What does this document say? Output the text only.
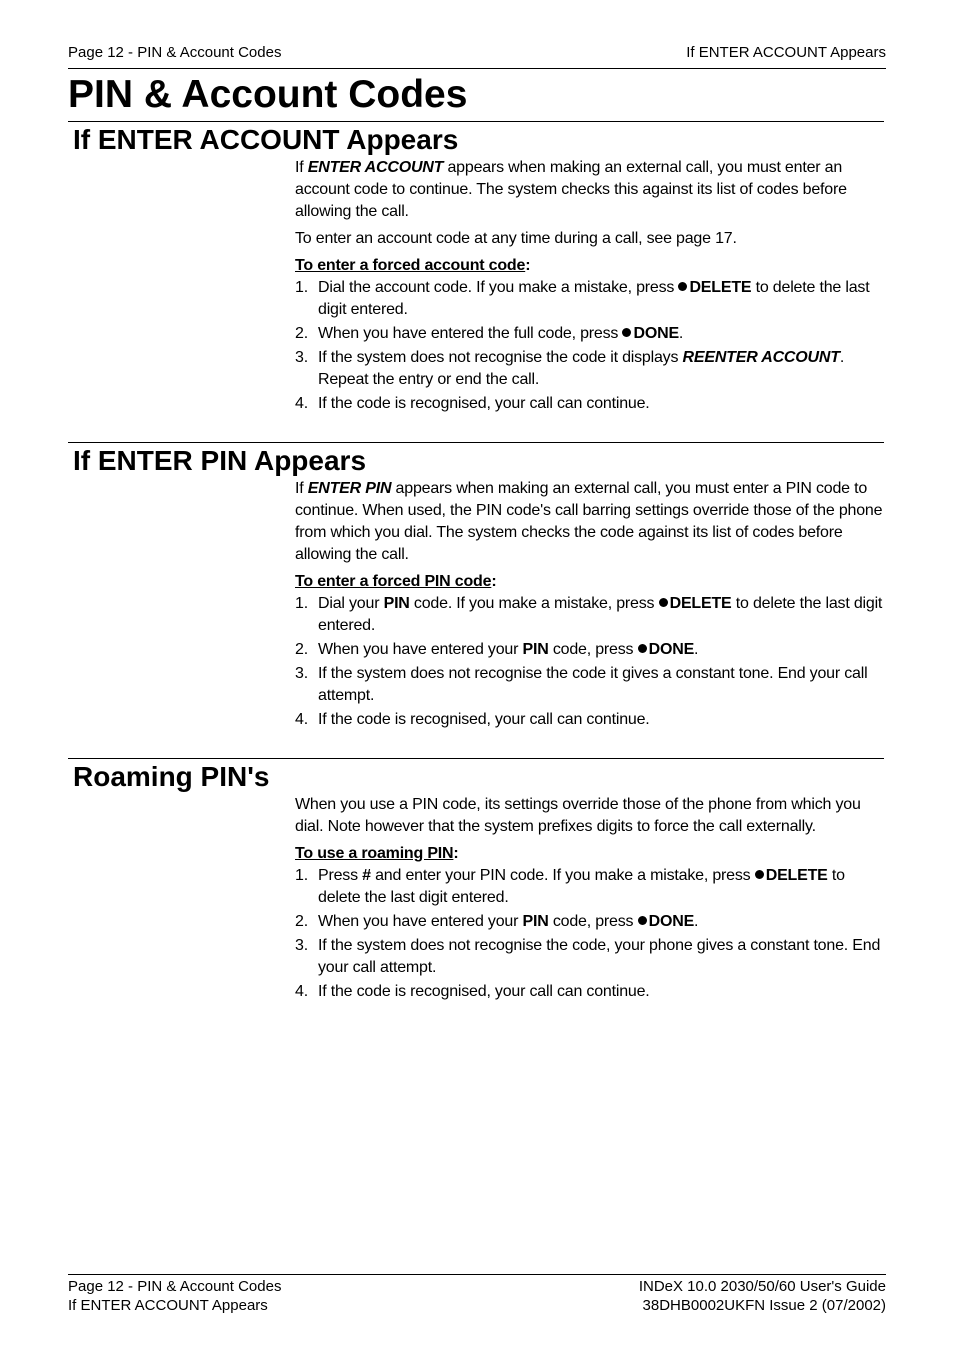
Page 12 - PIN & Account Codes	If ENTER ACCOUNT Appears
PIN & Account Codes
If ENTER ACCOUNT Appears

If ENTER ACCOUNT appears when making an external call, you must enter an account code to continue. The system checks this against its list of codes before allowing the call.

To enter an account code at any time during a call, see page 17.

To enter a forced account code:
1. Dial the account code. If you make a mistake, press DELETE to delete the last digit entered.
2. When you have entered the full code, press DONE.
3. If the system does not recognise the code it displays REENTER ACCOUNT. Repeat the entry or end the call.
4. If the code is recognised, your call can continue.
If ENTER PIN Appears

If ENTER PIN appears when making an external call, you must enter a PIN code to continue. When used, the PIN code's call barring settings override those of the phone from which you dial. The system checks the code against its list of codes before allowing the call.

To enter a forced PIN code:
1. Dial your PIN code. If you make a mistake, press DELETE to delete the last digit entered.
2. When you have entered your PIN code, press DONE.
3. If the system does not recognise the code it gives a constant tone. End your call attempt.
4. If the code is recognised, your call can continue.
Roaming PIN's

When you use a PIN code, its settings override those of the phone from which you dial. Note however that the system prefixes digits to force the call externally.

To use a roaming PIN:
1. Press # and enter your PIN code. If you make a mistake, press DELETE to delete the last digit entered.
2. When you have entered your PIN code, press DONE.
3. If the system does not recognise the code, your phone gives a constant tone. End your call attempt.
4. If the code is recognised, your call can continue.
Page 12 - PIN & Account Codes
If ENTER ACCOUNT Appears
INDeX 10.0 2030/50/60 User's Guide
38DHB0002UKFN Issue 2 (07/2002)
